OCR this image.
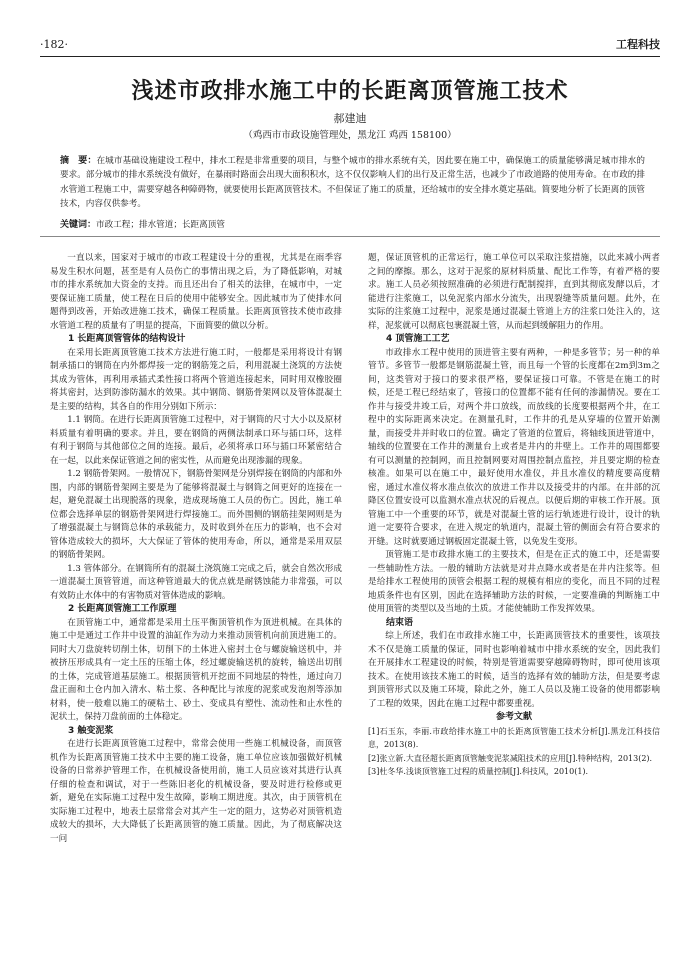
·182·	工程科技
浅述市政排水施工中的长距离顶管施工技术
郝建迪
（鸡西市市政设施管理处，黑龙江 鸡西 158100）
摘　要：在城市基础设施建设工程中，排水工程是非常重要的项目，与整个城市的排水系统有关，因此要在施工中，确保施工的质量能够满足城市排水的要求。部分城市的排水系统没有做好，在暴雨时路面会出现大面积积水，这不仅仅影响人们的出行及正常生活，也减少了市政道路的使用寿命。在市政的排水管道工程施工中，需要穿越各种障碍物，就要使用长距离顶管技术。不但保证了施工的质量，还给城市的安全排水奠定基础。简要地分析了长距离的顶管技术，内容仅供参考。
关键词：市政工程；排水管道；长距离顶管

一直以来，国家对于城市的市政工程建设十分的重视，尤其是在雨季容易发生积水问题，甚至是有人员伤亡的事情出现之后，为了降低影响，对城市的排水系统加大资金的支持。而且还出台了相关的法律，在城市中，一定要保证施工质量，使工程在日后的使用中能够安全。因此城市为了使排水问题得到改善，开始改进施工技术，确保工程质量。长距离顶管技术使市政排水管道工程的质量有了明显的提高，下面简要的做以分析。

1 长距离顶管管体的结构设计

在采用长距离顶管施工技术方法进行施工时，一般都是采用将设计有钢制承插口的钢筒在内外都焊接一定的钢筋笼之后，利用混凝土浇筑的方法使其成为管体，再利用承插式柔性接口将两个管道连接起来，同时用双橡胶圈将其密封，达到防渗防漏水的效果。其中钢筒、钢筋骨架网以及管体混凝土是主要的结构，其各自的作用分别如下所示：

1.1 钢筒。在进行长距离顶管施工过程中，对于钢筒的尺寸大小以及原材料质量有着明确的要求。并且，要在钢筒的两侧法制承口环与插口环，这样有利于钢筒与其他部位之间的连接。最后，必须将承口环与插口环紧密结合在一起，以此来保证管道之间的密实性，从而避免出现渗漏的现象。

1.2 钢筋骨架网。一般情况下，钢筋骨架网是分别焊接在钢筒的内部和外围，内部的钢筋骨架网主要是为了能够将混凝土与钢筒之间更好的连接在一起，避免混凝土出现脱落的现象，造成现场施工人员的伤亡。因此，施工单位都会选择单层的钢筋骨架网进行焊接施工。而外围侧的钢筋挂架网则是为了增强混凝土与钢筒总体的承载能力，及时收到外在压力的影响，也不会对管体造成较大的损坏，大大保证了管体的使用寿命，所以，通常是采用双层的钢筋骨架网。

1.3 管体部分。在钢筒所有的混凝土浇筑施工完成之后，就会自然次形成一道混凝土顶管管道，而这种管道最大的优点就是耐锈蚀能力非常强，可以有效防止水体中的有害物质对管体造成的影响。

2 长距离顶管施工工作原理

在顶管施工中，通常都是采用土压平衡顶管机作为顶进机械。在具体的施工中是通过工作井中设置的油缸作为动力来推动顶管机向前顶进施工的。同时大刀盘旋转切削土体，切削下的土体进入密封土仓与螺旋输送机中，并被挤压形成具有一定土压的压缩土体，经过螺旋输送机的旋转，输送出切削的土体，完成管道基层施工。根据顶管机开挖面不同地层的特性，通过向刀盘正面和土仓内加入清水、粘土浆、各种配比与浓度的泥浆或发泡剂等添加材料，使一般难以施工的硬粘土、砂土、变成具有塑性、流动性和止水性的泥状土，保持刀盘前面的土体稳定。

3 触变泥浆

在进行长距离顶管施工过程中，常常会使用一些施工机械设备，而顶管机作为长距离顶管施工技术中主要的施工设备，施工单位应该加强做好机械设备的日常养护管理工作，在机械设备使用前，施工人员应该对其进行认真仔细的检查和调试，对于一些陈旧老化的机械设备，要及时进行检修或更新，避免在实际施工过程中发生故障，影响工期进度。其次，由于顶管机在实际施工过程中，地表土层常常会对其产生一定的阻力，这势必对顶管机造成较大的损坏，大大降低了长距离顶管的施工质量。因此，为了彻底解决这一问

题，保证顶管机的正常运行，施工单位可以采取注浆措施，以此来减小两者之间的摩擦。那么，这对于泥浆的原材料质量、配比工作等，有着严格的要求。施工人员必须按照准确的必须进行配制搅拌，直到其彻底发酵以后，才能进行注浆施工，以免泥浆内部水分流失，出现裂缝等质量问题。此外，在实际的注浆施工过程中，泥浆是通过混凝土管道上方的注浆口处注入的，这样，泥浆就可以彻底包裹混凝土管，从而起到缓解阻力的作用。

4 顶管施工工艺

市政排水工程中使用的顶进管主要有两种，一种是多管节；另一种的单管节。多管节一般都是钢筋混凝土管，而且每一个管的长度都在2m到3m之间，这类管对于接口的要求很严格，要保证接口可靠。不管是在施工的时候，还是工程已经结束了，管接口的位置都不能有任何的渗漏情况。要在工作井与接受井竣工后，对两个井口放线，而放线的长度要根据两个井，在工程中的实际距离来决定。在测量孔时，工作井的孔是从穿墙的位置开始测量，而接受井并时收口的位置。确定了管道的位置后，将轴线顶进管道中，轴线的位置要在工作井的测量台上或者是井内的井壁上。工作井的周围都要有可以测量的控制网，而且控制网要对周围控制点监控，并且要定期的检查核准。如果可以在施工中，最好使用水准仪，并且水准仪的精度要高度精密，通过水准仪将水准点依次的放进工作井以及接受井的内部。在井部的沉降区位置安设可以监测水准点状况的后视点。以便后期的审核工作开展。顶管施工中一个重要的环节，就是对混凝土管的运行轨迹进行设计，设计的轨道一定要符合要求，在进入规定的轨道内，混凝土管的侧面会有符合要求的开缝。这时就要通过钢板固定混凝土管，以免发生变形。

顶管施工是市政排水施工的主要技术，但是在正式的施工中，还是需要一些辅助性方法。一般的辅助方法就是对井点降水或者是在井内注浆等。但是给排水工程使用的顶管会根据工程的规模有相应的变化，而且不同的过程地质条件也有区别，因此在选择辅助方法的时候，一定要准确的判断施工中使用顶管的类型以及当地的土质。才能使辅助工作发挥效果。

结束语

综上所述，我们在市政排水施工中，长距离顶管技术的重要性，该项技术不仅是施工质量的保证，同时也影响着城市中排水系统的安全，因此我们在开展排水工程建设的时候，特别是管道需要穿越障碍物时，即可使用该项技术。在使用该技术施工的时候，适当的选择有效的辅助方法，但是要考虑到顶管形式以及施工环境，除此之外，施工人员以及施工设备的使用都影响了工程的效果，因此在施工过程中都要重视。

参考文献

[1]石玉东，李丽.市政给排水施工中的长距离顶管施工技术分析[J].黑龙江科技信息，2013(8).

[2]张立新.大直径超长距离顶管触变泥浆减阻技术的应用[J].特种结构，2013(2).

[3]杜冬华.浅谈顶管施工过程的质量控制[J].科技风，2010(1).
